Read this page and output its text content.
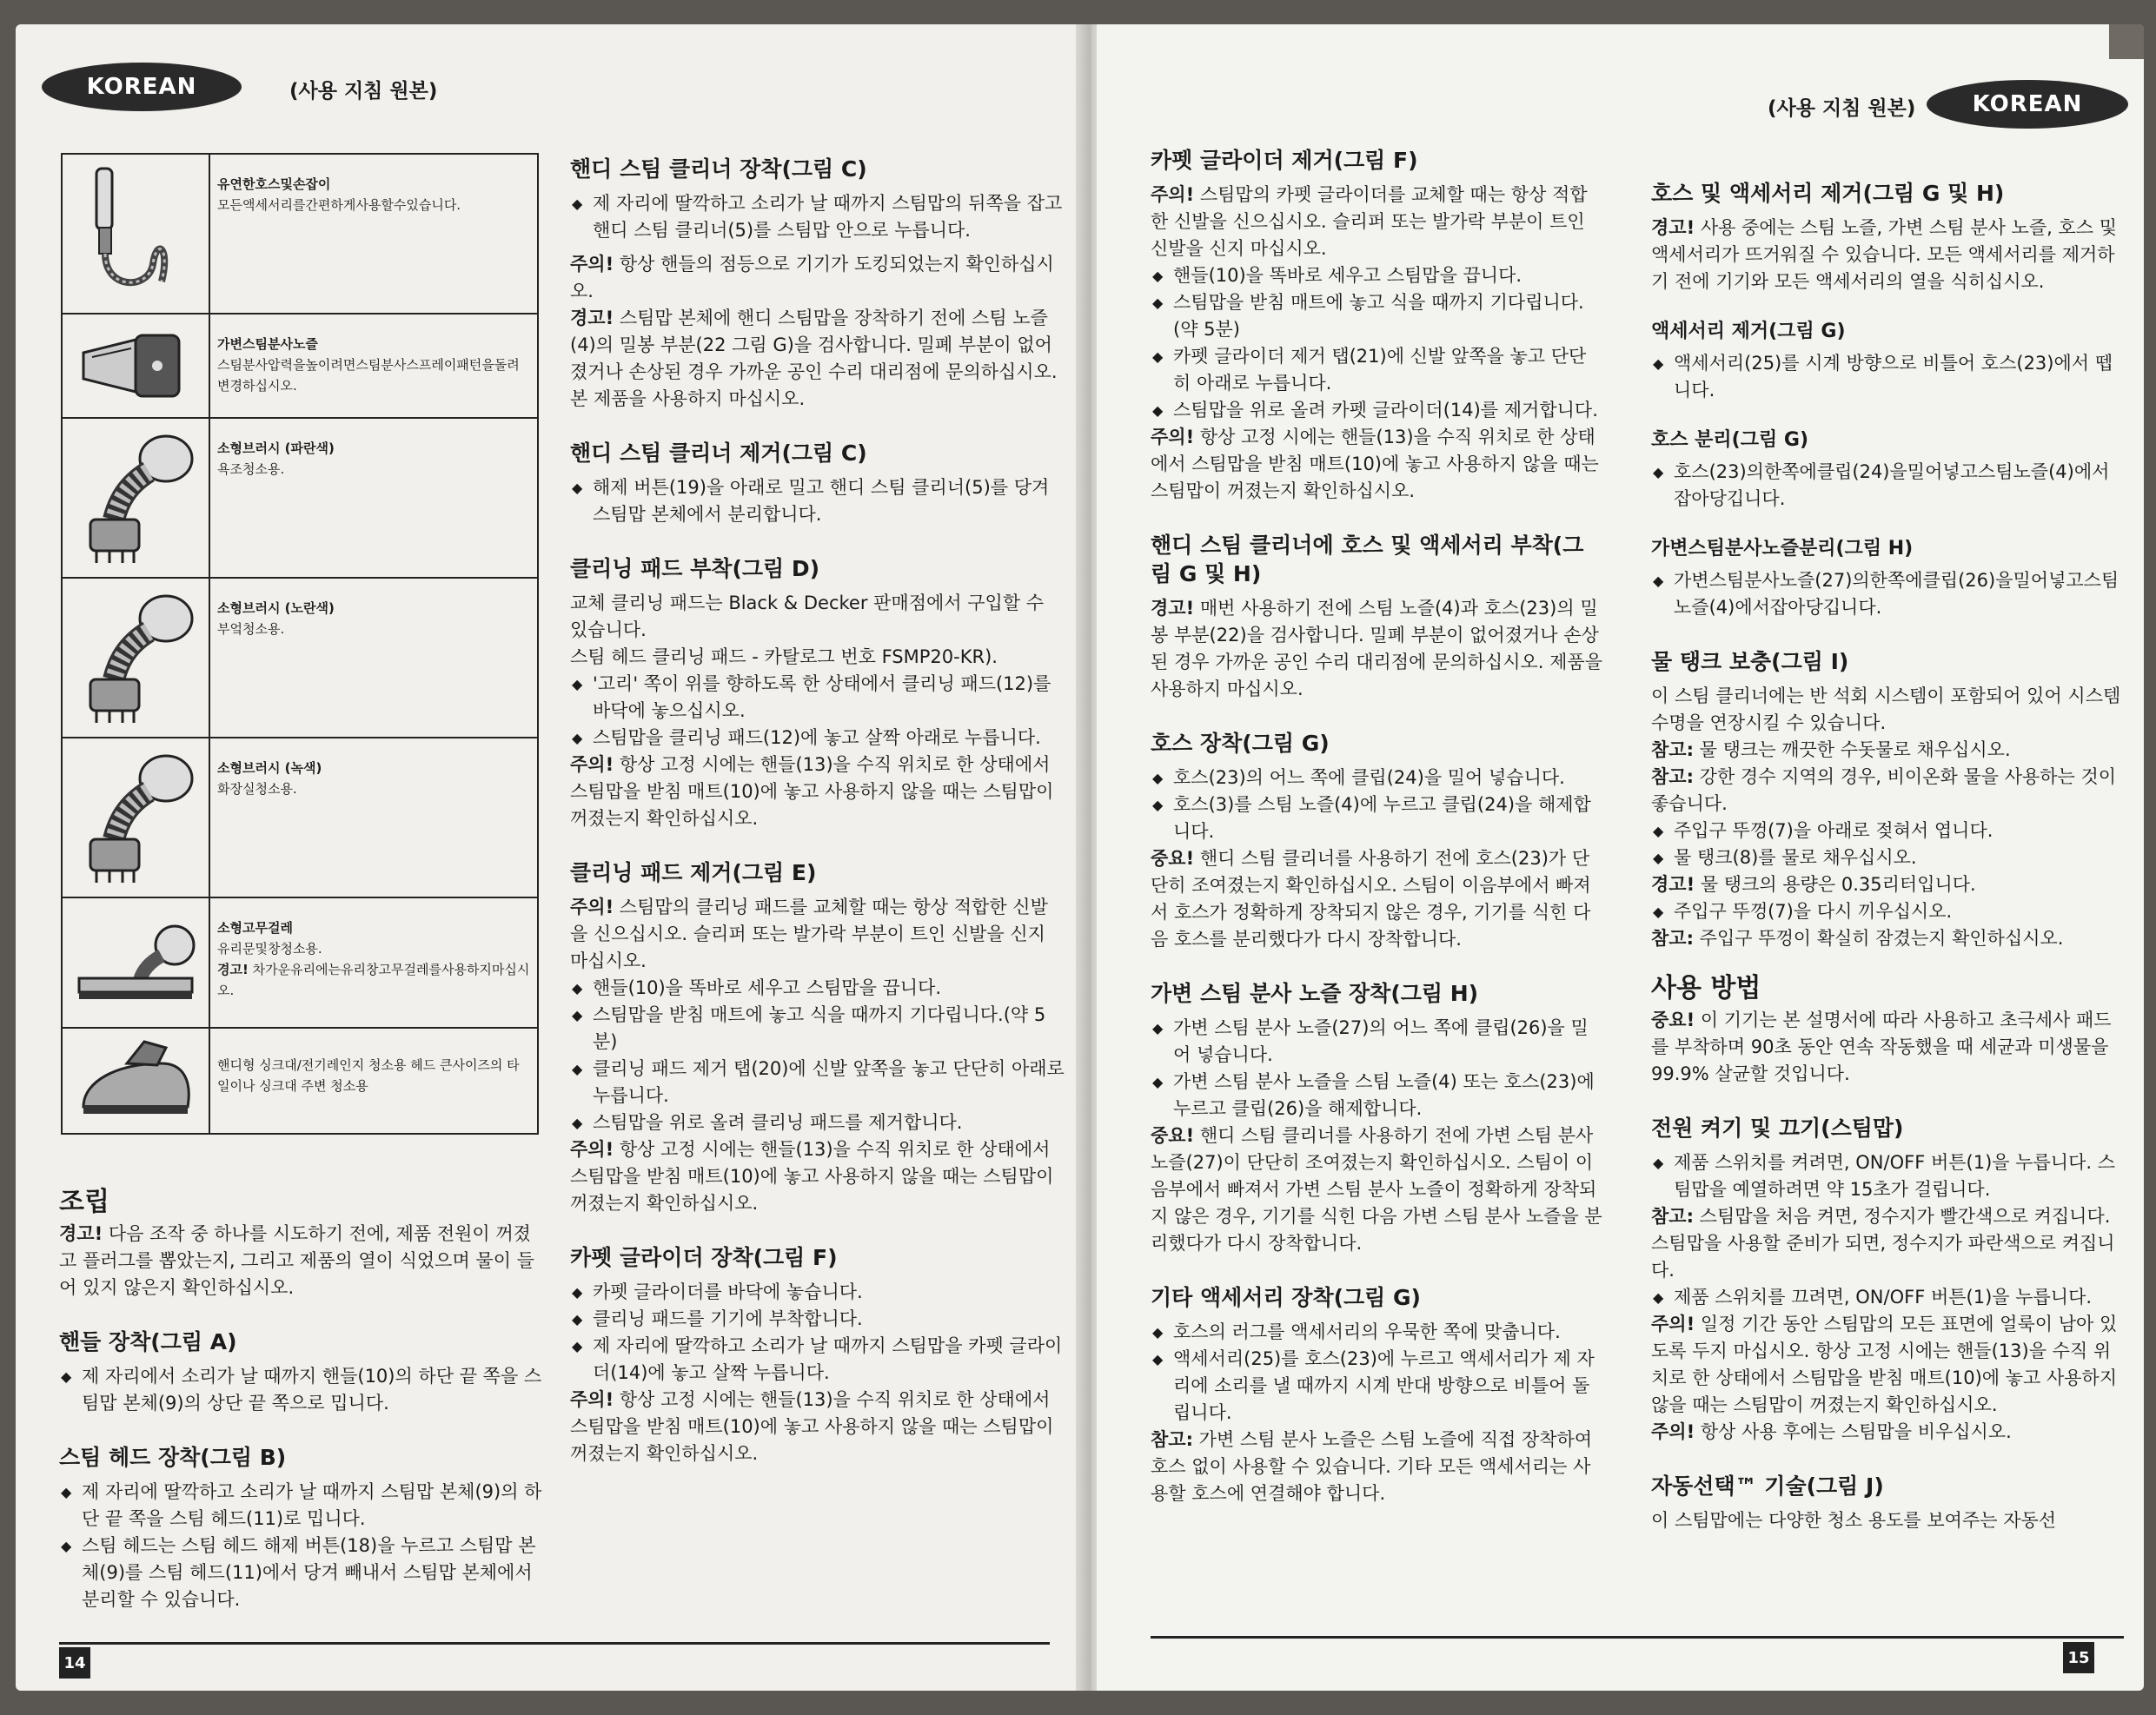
KOREAN	(사용 지침 원본)

유연한호스및손잡이
모든액세서리를간편하게사용할수있습니다.

가변스팀분사노즐
스팀분사압력을높이려면스팀분사스프레이패턴을돌려변경하십시오.

소형브러시 (파란색)
욕조청소용.

소형브러시 (노란색)
부엌청소용.

소형브러시 (녹색)
화장실청소용.

소형고무걸레
유리문및창청소용.
경고! 차가운유리에는유리창고무걸레를사용하지마십시오.

핸디형 싱크대/전기레인지 청소용 헤드 큰사이즈의 타일이나 싱크대 주변 청소용
조립

경고! 다음 조작 중 하나를 시도하기 전에, 제품 전원이 꺼졌고 플러그를 뽑았는지, 그리고 제품의 열이 식었으며 물이 들어 있지 않은지 확인하십시오.

핸들 장착(그림 A)
◆ 제 자리에서 소리가 날 때까지 핸들(10)의 하단 끝 쪽을 스팀맙 본체(9)의 상단 끝 쪽으로 밉니다.
스팀 헤드 장착(그림 B)
◆ 제 자리에 딸깍하고 소리가 날 때까지 스팀맙 본체(9)의 하단 끝 쪽을 스팀 헤드(11)로 밉니다.
◆ 스팀 헤드는 스팀 헤드 해제 버튼(18)을 누르고 스팀맙 본체(9)를 스팀 헤드(11)에서 당겨 빼내서 스팀맙 본체에서 분리할 수 있습니다.
핸디 스팀 클리너 장착(그림 C)
◆ 제 자리에 딸깍하고 소리가 날 때까지 스팀맙의 뒤쪽을 잡고 핸디 스팀 클리너(5)를 스팀맙 안으로 누릅니다.

주의! 항상 핸들의 점등으로 기기가 도킹되었는지 확인하십시오.

경고! 스팀맙 본체에 핸디 스팀맙을 장착하기 전에 스팀 노즐(4)의 밀봉 부분(22 그림 G)을 검사합니다. 밀폐 부분이 없어졌거나 손상된 경우 가까운 공인 수리 대리점에 문의하십시오. 본 제품을 사용하지 마십시오.

핸디 스팀 클리너 제거(그림 C)
◆ 해제 버튼(19)을 아래로 밀고 핸디 스팀 클리너(5)를 당겨 스팀맙 본체에서 분리합니다.
클리닝 패드 부착(그림 D)

교체 클리닝 패드는 Black & Decker 판매점에서 구입할 수 있습니다.

스팀 헤드 클리닝 패드 - 카탈로그 번호 FSMP20-KR).

◆ '고리' 쪽이 위를 향하도록 한 상태에서 클리닝 패드(12)를 바닥에 놓으십시오.
◆ 스팀맙을 클리닝 패드(12)에 놓고 살짝 아래로 누릅니다.

주의! 항상 고정 시에는 핸들(13)을 수직 위치로 한 상태에서 스팀맙을 받침 매트(10)에 놓고 사용하지 않을 때는 스팀맙이 꺼졌는지 확인하십시오.

클리닝 패드 제거(그림 E)

주의! 스팀맙의 클리닝 패드를 교체할 때는 항상 적합한 신발을 신으십시오. 슬리퍼 또는 발가락 부분이 트인 신발을 신지 마십시오.

◆ 핸들(10)을 똑바로 세우고 스팀맙을 끕니다.
◆ 스팀맙을 받침 매트에 놓고 식을 때까지 기다립니다.(약 5분)
◆ 클리닝 패드 제거 탭(20)에 신발 앞쪽을 놓고 단단히 아래로 누릅니다.
◆ 스팀맙을 위로 올려 클리닝 패드를 제거합니다.

주의! 항상 고정 시에는 핸들(13)을 수직 위치로 한 상태에서 스팀맙을 받침 매트(10)에 놓고 사용하지 않을 때는 스팀맙이 꺼졌는지 확인하십시오.

카펫 글라이더 장착(그림 F)
◆ 카펫 글라이더를 바닥에 놓습니다.
◆ 클리닝 패드를 기기에 부착합니다.
◆ 제 자리에 딸깍하고 소리가 날 때까지 스팀맙을 카펫 글라이더(14)에 놓고 살짝 누릅니다.

주의! 항상 고정 시에는 핸들(13)을 수직 위치로 한 상태에서 스팀맙을 받침 매트(10)에 놓고 사용하지 않을 때는 스팀맙이 꺼졌는지 확인하십시오.

14
(사용 지침 원본)	KOREAN
카펫 글라이더 제거(그림 F)

주의! 스팀맙의 카펫 글라이더를 교체할 때는 항상 적합한 신발을 신으십시오. 슬리퍼 또는 발가락 부분이 트인 신발을 신지 마십시오.

◆ 핸들(10)을 똑바로 세우고 스팀맙을 끕니다.
◆ 스팀맙을 받침 매트에 놓고 식을 때까지 기다립니다.(약 5분)
◆ 카펫 글라이더 제거 탭(21)에 신발 앞쪽을 놓고 단단히 아래로 누릅니다.
◆ 스팀맙을 위로 올려 카펫 글라이더(14)를 제거합니다.

주의! 항상 고정 시에는 핸들(13)을 수직 위치로 한 상태에서 스팀맙을 받침 매트(10)에 놓고 사용하지 않을 때는 스팀맙이 꺼졌는지 확인하십시오.

핸디 스팀 클리너에 호스 및 액세서리 부착(그림 G 및 H)

경고! 매번 사용하기 전에 스팀 노즐(4)과 호스(23)의 밀봉 부분(22)을 검사합니다. 밀폐 부분이 없어졌거나 손상된 경우 가까운 공인 수리 대리점에 문의하십시오. 제품을 사용하지 마십시오.

호스 장착(그림 G)
◆ 호스(23)의 어느 쪽에 클립(24)을 밀어 넣습니다.
◆ 호스(3)를 스팀 노즐(4)에 누르고 클립(24)을 해제합니다.

중요! 핸디 스팀 클리너를 사용하기 전에 호스(23)가 단단히 조여졌는지 확인하십시오. 스팀이 이음부에서 빠져서 호스가 정확하게 장착되지 않은 경우, 기기를 식힌 다음 호스를 분리했다가 다시 장착합니다.

가변 스팀 분사 노즐 장착(그림 H)
◆ 가변 스팀 분사 노즐(27)의 어느 쪽에 클립(26)을 밀어 넣습니다.
◆ 가변 스팀 분사 노즐을 스팀 노즐(4) 또는 호스(23)에 누르고 클립(26)을 해제합니다.

중요! 핸디 스팀 클리너를 사용하기 전에 가변 스팀 분사 노즐(27)이 단단히 조여졌는지 확인하십시오. 스팀이 이음부에서 빠져서 가변 스팀 분사 노즐이 정확하게 장착되지 않은 경우, 기기를 식힌 다음 가변 스팀 분사 노즐을 분리했다가 다시 장착합니다.

기타 액세서리 장착(그림 G)
◆ 호스의 러그를 액세서리의 우묵한 쪽에 맞춥니다.
◆ 액세서리(25)를 호스(23)에 누르고 액세서리가 제 자리에 소리를 낼 때까지 시계 반대 방향으로 비틀어 돌립니다.

참고: 가변 스팀 분사 노즐은 스팀 노즐에 직접 장착하여 호스 없이 사용할 수 있습니다. 기타 모든 액세서리는 사용할 호스에 연결해야 합니다.

호스 및 액세서리 제거(그림 G 및 H)

경고! 사용 중에는 스팀 노즐, 가변 스팀 분사 노즐, 호스 및 액세서리가 뜨거워질 수 있습니다. 모든 액세서리를 제거하기 전에 기기와 모든 액세서리의 열을 식히십시오.

액세서리 제거(그림 G)
◆ 액세서리(25)를 시계 방향으로 비틀어 호스(23)에서 뗍니다.
호스 분리(그림 G)
◆ 호스(23)의한쪽에클립(24)을밀어넣고스팀노즐(4)에서잡아당깁니다.
가변스팀분사노즐분리(그림 H)
◆ 가변스팀분사노즐(27)의한쪽에클립(26)을밀어넣고스팀노즐(4)에서잡아당깁니다.
물 탱크 보충(그림 I)

이 스팀 클리너에는 반 석회 시스템이 포함되어 있어 시스템 수명을 연장시킬 수 있습니다.

참고: 물 탱크는 깨끗한 수돗물로 채우십시오.

참고: 강한 경수 지역의 경우, 비이온화 물을 사용하는 것이 좋습니다.

◆ 주입구 뚜껑(7)을 아래로 젖혀서 엽니다.
◆ 물 탱크(8)를 물로 채우십시오.

경고! 물 탱크의 용량은 0.35리터입니다.

◆ 주입구 뚜껑(7)을 다시 끼우십시오.

참고: 주입구 뚜껑이 확실히 잠겼는지 확인하십시오.

사용 방법

중요! 이 기기는 본 설명서에 따라 사용하고 초극세사 패드를 부착하며 90초 동안 연속 작동했을 때 세균과 미생물을 99.9% 살균할 것입니다.

전원 켜기 및 끄기(스팀맙)
◆ 제품 스위치를 켜려면, ON/OFF 버튼(1)을 누릅니다. 스팀맙을 예열하려면 약 15초가 걸립니다.

참고: 스팀맙을 처음 켜면, 정수지가 빨간색으로 켜집니다. 스팀맙을 사용할 준비가 되면, 정수지가 파란색으로 켜집니다.

◆ 제품 스위치를 끄려면, ON/OFF 버튼(1)을 누릅니다.

주의! 일정 기간 동안 스팀맙의 모든 표면에 얼룩이 남아 있도록 두지 마십시오. 항상 고정 시에는 핸들(13)을 수직 위치로 한 상태에서 스팀맙을 받침 매트(10)에 놓고 사용하지 않을 때는 스팀맙이 꺼졌는지 확인하십시오.

주의! 항상 사용 후에는 스팀맙을 비우십시오.

자동선택™ 기술(그림 J)

이 스팀맙에는 다양한 청소 용도를 보여주는 자동선

15
